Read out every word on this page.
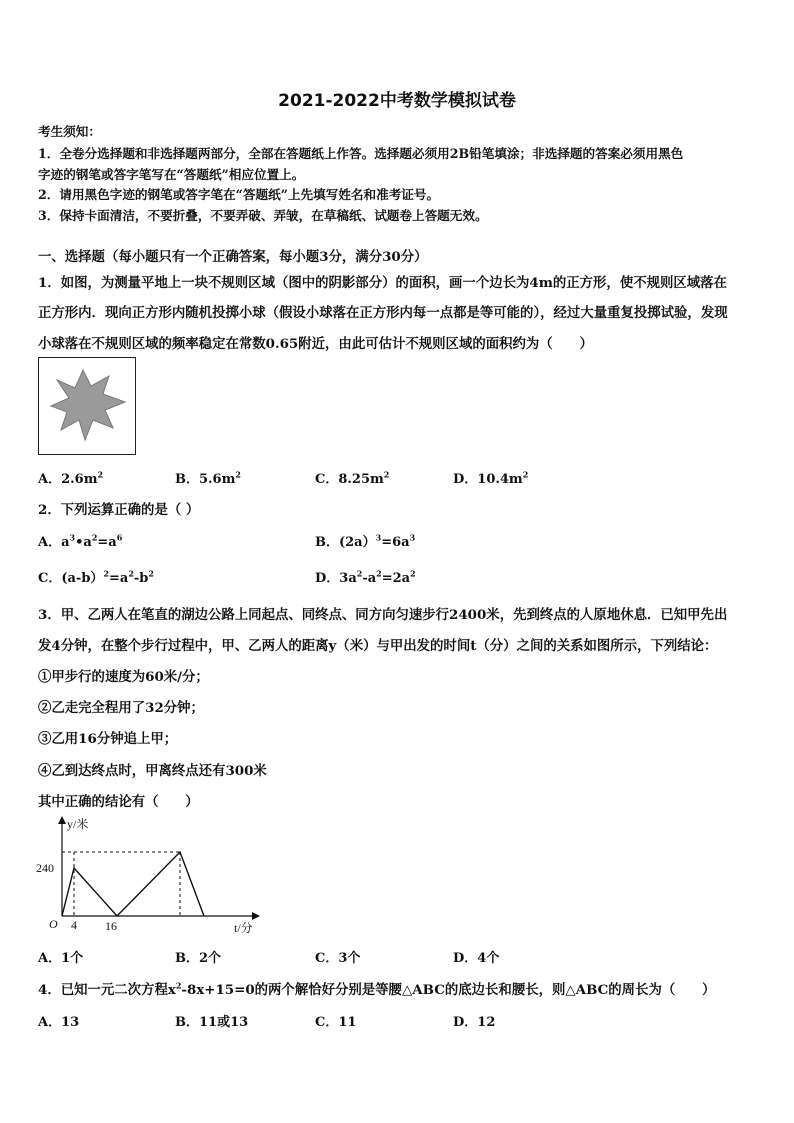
2021-2022中考数学模拟试卷
考生须知：
1．全卷分选择题和非选择题两部分，全部在答题纸上作答。选择题必须用2B铅笔填涂；非选择题的答案必须用黑色
字迹的钢笔或答字笔写在“答题纸”相应位置上。
2．请用黑色字迹的钢笔或答字笔在“答题纸”上先填写姓名和准考证号。
3．保持卡面清洁，不要折叠，不要弄破、弄皱，在草稿纸、试题卷上答题无效。
一、选择题（每小题只有一个正确答案，每小题3分，满分30分）
1．如图，为测量平地上一块不规则区域（图中的阴影部分）的面积，画一个边长为4m的正方形，使不规则区域落在
正方形内．现向正方形内随机投掷小球（假设小球落在正方形内每一点都是等可能的），经过大量重复投掷试验，发现
小球落在不规则区域的频率稳定在常数0.65附近，由此可估计不规则区域的面积约为（　　）
A．$2.6m^2$	B．$5.6m^2$	C．$8.25m^2$	D．$10.4m^2$
2．下列运算正确的是（ ）
A．$a^3•a^2=a^6$	B．$(2a)^3=6a^3$
C．$(a-b)^2=a^2-b^2$	D．$3a^2-a^2=2a^2$
3．甲、乙两人在笔直的湖边公路上同起点、同终点、同方向匀速步行2400米，先到终点的人原地休息．已知甲先出
发4分钟，在整个步行过程中，甲、乙两人的距离y（米）与甲出发的时间t（分）之间的关系如图所示，下列结论：
①甲步行的速度为60米/分；
②乙走完全程用了32分钟；
③乙用16分钟追上甲；
④乙到达终点时，甲离终点还有300米
其中正确的结论有（　　）
y/米
t/分
O
240
4 16
A．1个	B．2个	C．3个	D．4个
4．已知一元二次方程$x^2-8x+15=0$的两个解恰好分别是等腰△ABC的底边长和腰长，则△ABC的周长为（　　）
A．13	B．11或13	C．11	D．12
